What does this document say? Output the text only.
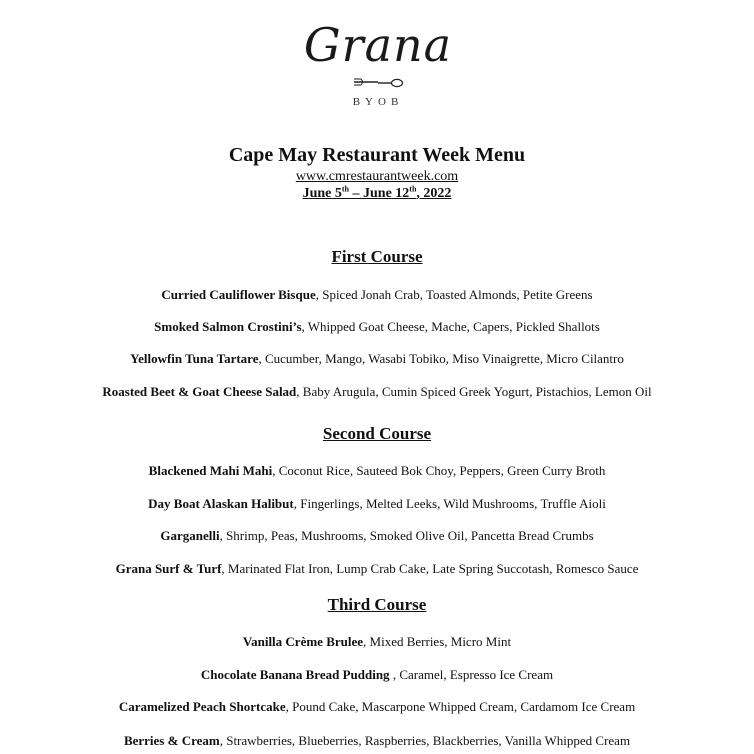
Grana
BYOB
Cape May Restaurant Week Menu
www.cmrestaurantweek.com
June 5th – June 12th, 2022
First Course
Curried Cauliflower Bisque, Spiced Jonah Crab, Toasted Almonds, Petite Greens
Smoked Salmon Crostini’s, Whipped Goat Cheese, Mache, Capers, Pickled Shallots
Yellowfin Tuna Tartare, Cucumber, Mango, Wasabi Tobiko, Miso Vinaigrette, Micro Cilantro
Roasted Beet & Goat Cheese Salad, Baby Arugula, Cumin Spiced Greek Yogurt, Pistachios, Lemon Oil
Second Course
Blackened Mahi Mahi, Coconut Rice, Sauteed Bok Choy, Peppers, Green Curry Broth
Day Boat Alaskan Halibut, Fingerlings, Melted Leeks, Wild Mushrooms, Truffle Aioli
Garganelli, Shrimp, Peas, Mushrooms, Smoked Olive Oil, Pancetta Bread Crumbs
Grana Surf & Turf, Marinated Flat Iron, Lump Crab Cake, Late Spring Succotash, Romesco Sauce
Third Course
Vanilla Crème Brulee, Mixed Berries, Micro Mint
Chocolate Banana Bread Pudding , Caramel, Espresso Ice Cream
Caramelized Peach Shortcake, Pound Cake, Mascarpone Whipped Cream, Cardamom Ice Cream
Berries & Cream, Strawberries, Blueberries, Raspberries, Blackberries, Vanilla Whipped Cream
